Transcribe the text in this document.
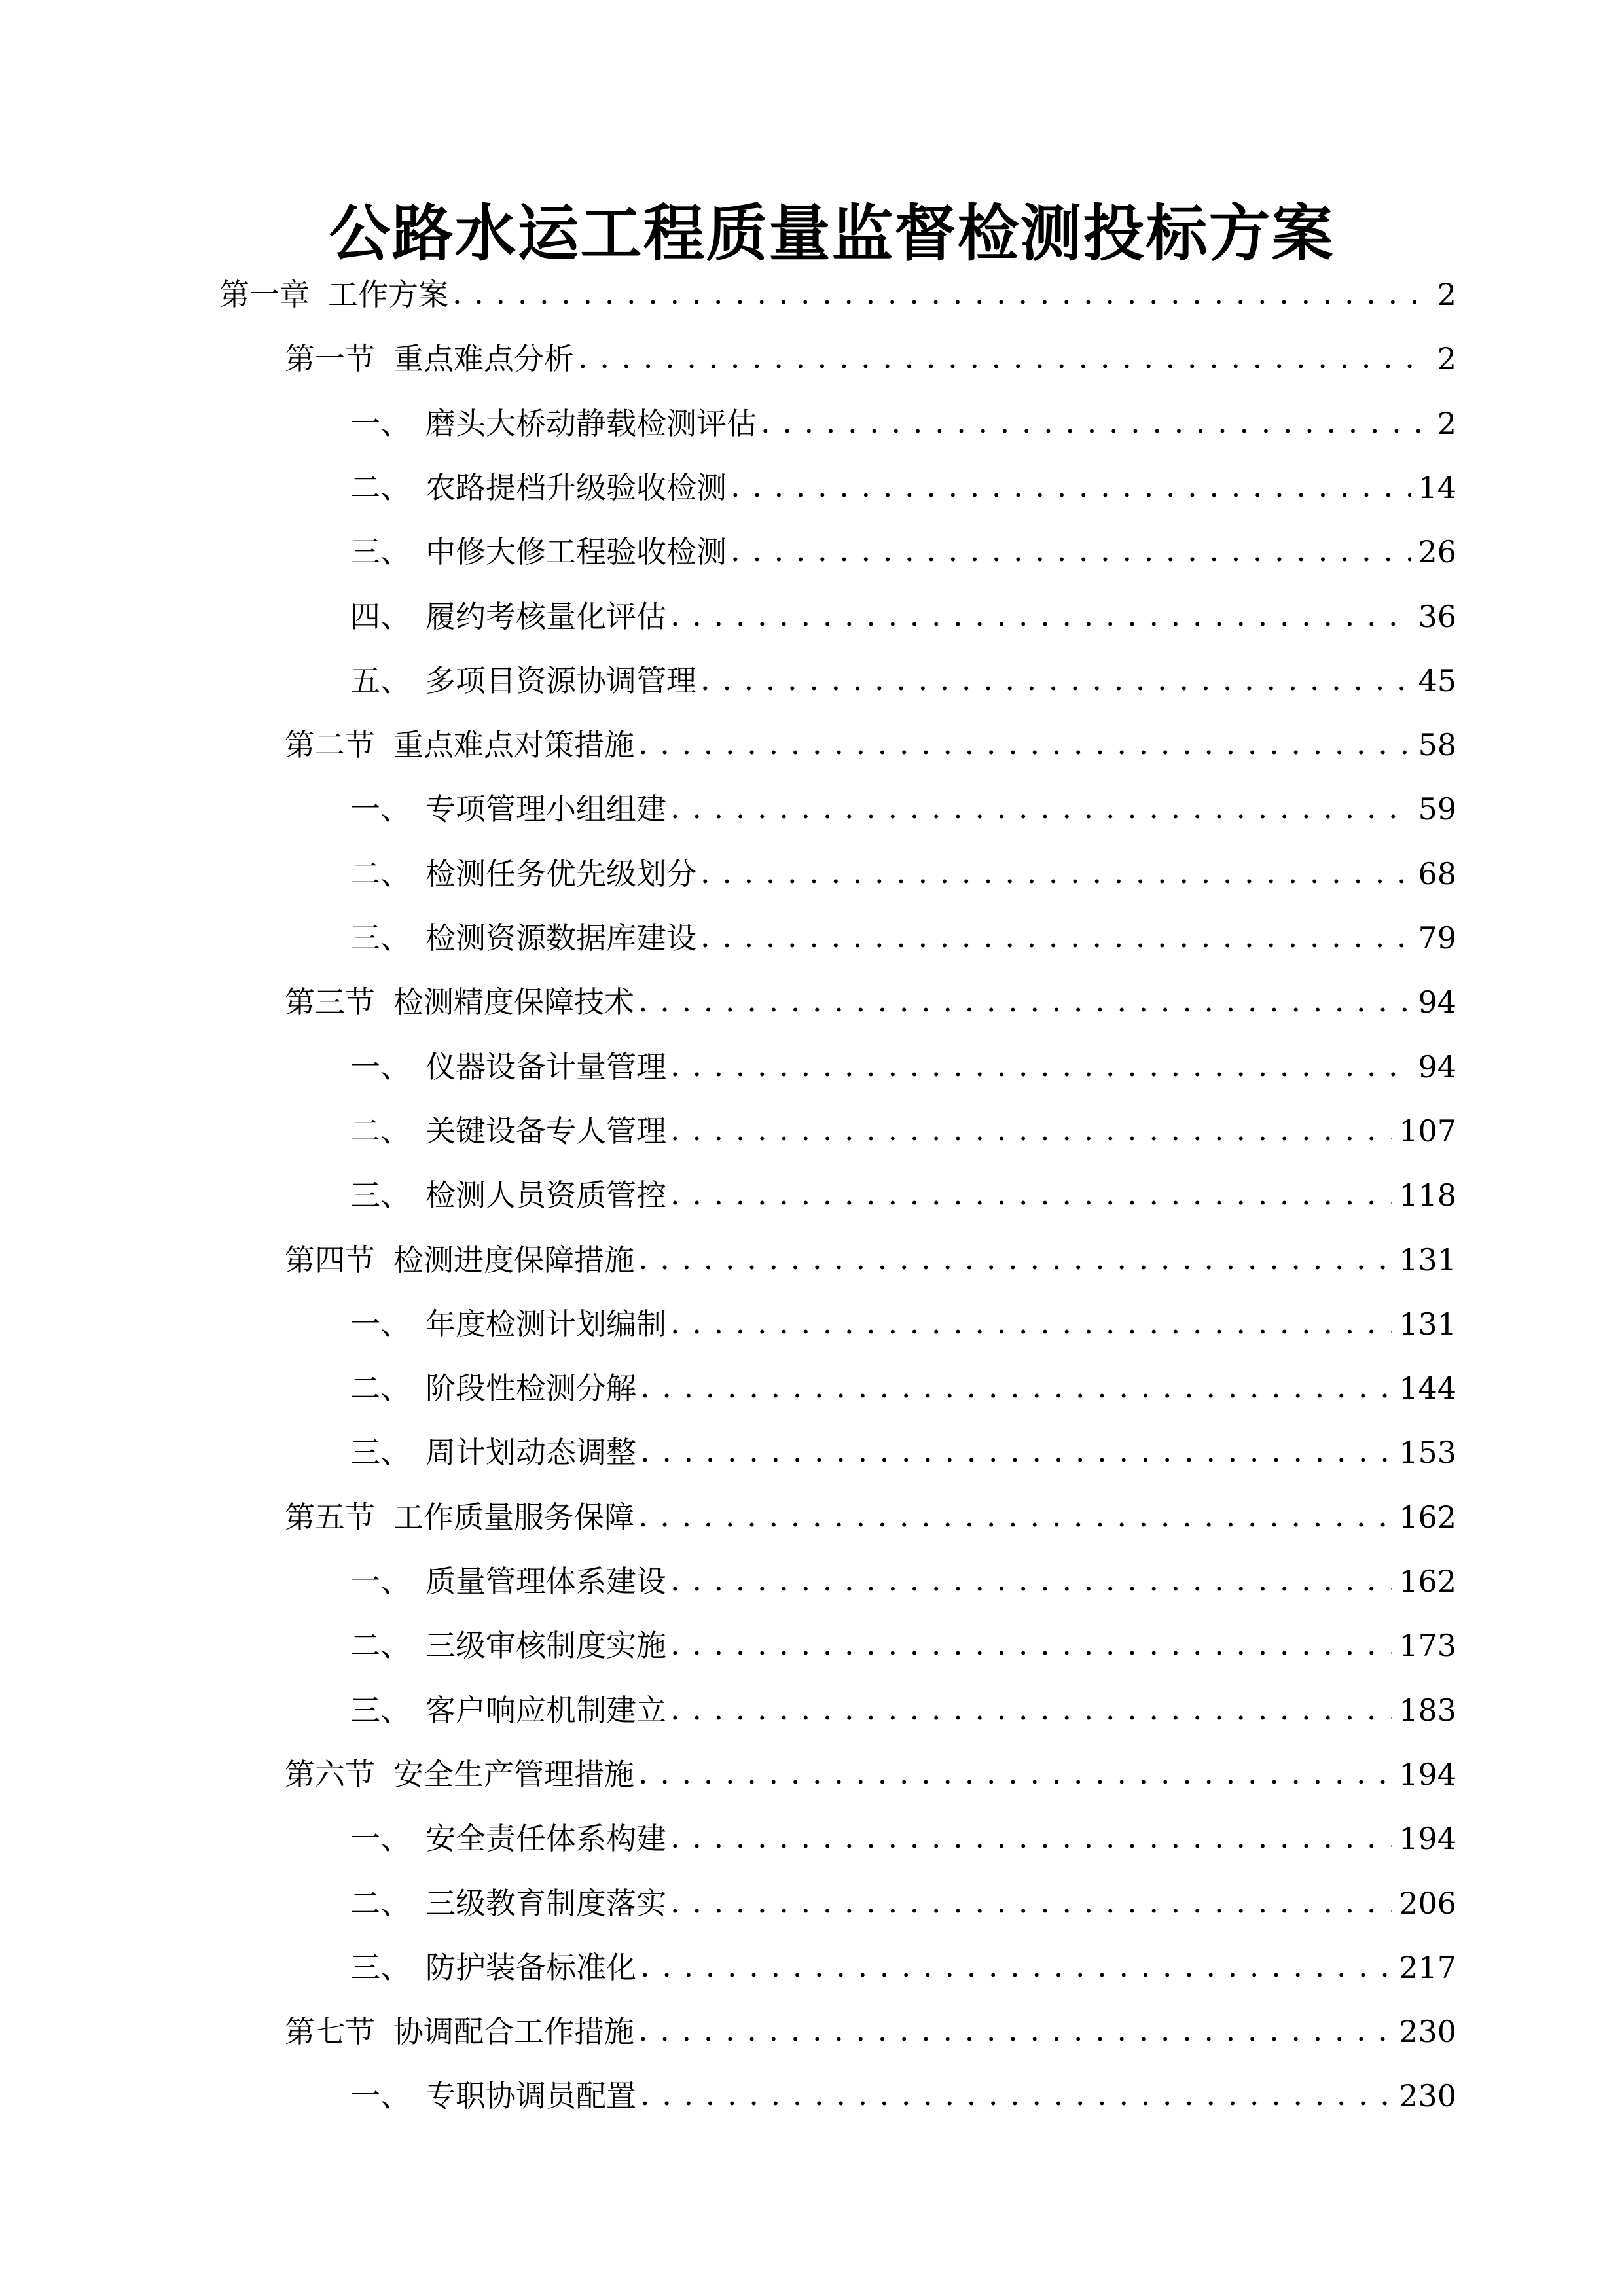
公路水运工程质量监督检测投标方案
第一章 工作方案 . . .	2
第一节 重点难点分析 . . .	2
一、 磨头大桥动静载检测评估 . . .	2
二、 农路提档升级验收检测 . . .	14
三、 中修大修工程验收检测 . . .	26
四、 履约考核量化评估 . . .	36
五、 多项目资源协调管理 . . .	45
第二节 重点难点对策措施 . . .	58
一、 专项管理小组组建 . . .	59
二、 检测任务优先级划分 . . .	68
三、 检测资源数据库建设 . . .	79
第三节 检测精度保障技术 . . .	94
一、 仪器设备计量管理 . . .	94
二、 关键设备专人管理 . . .	107
三、 检测人员资质管控 . . .	118
第四节 检测进度保障措施 . . .	131
一、 年度检测计划编制 . . .	131
二、 阶段性检测分解 . . .	144
三、 周计划动态调整 . . .	153
第五节 工作质量服务保障 . . .	162
一、 质量管理体系建设 . . .	162
二、 三级审核制度实施 . . .	173
三、 客户响应机制建立 . . .	183
第六节 安全生产管理措施 . . .	194
一、 安全责任体系构建 . . .	194
二、 三级教育制度落实 . . .	206
三、 防护装备标准化 . . .	217
第七节 协调配合工作措施 . . .	230
一、 专职协调员配置 . . .	230
